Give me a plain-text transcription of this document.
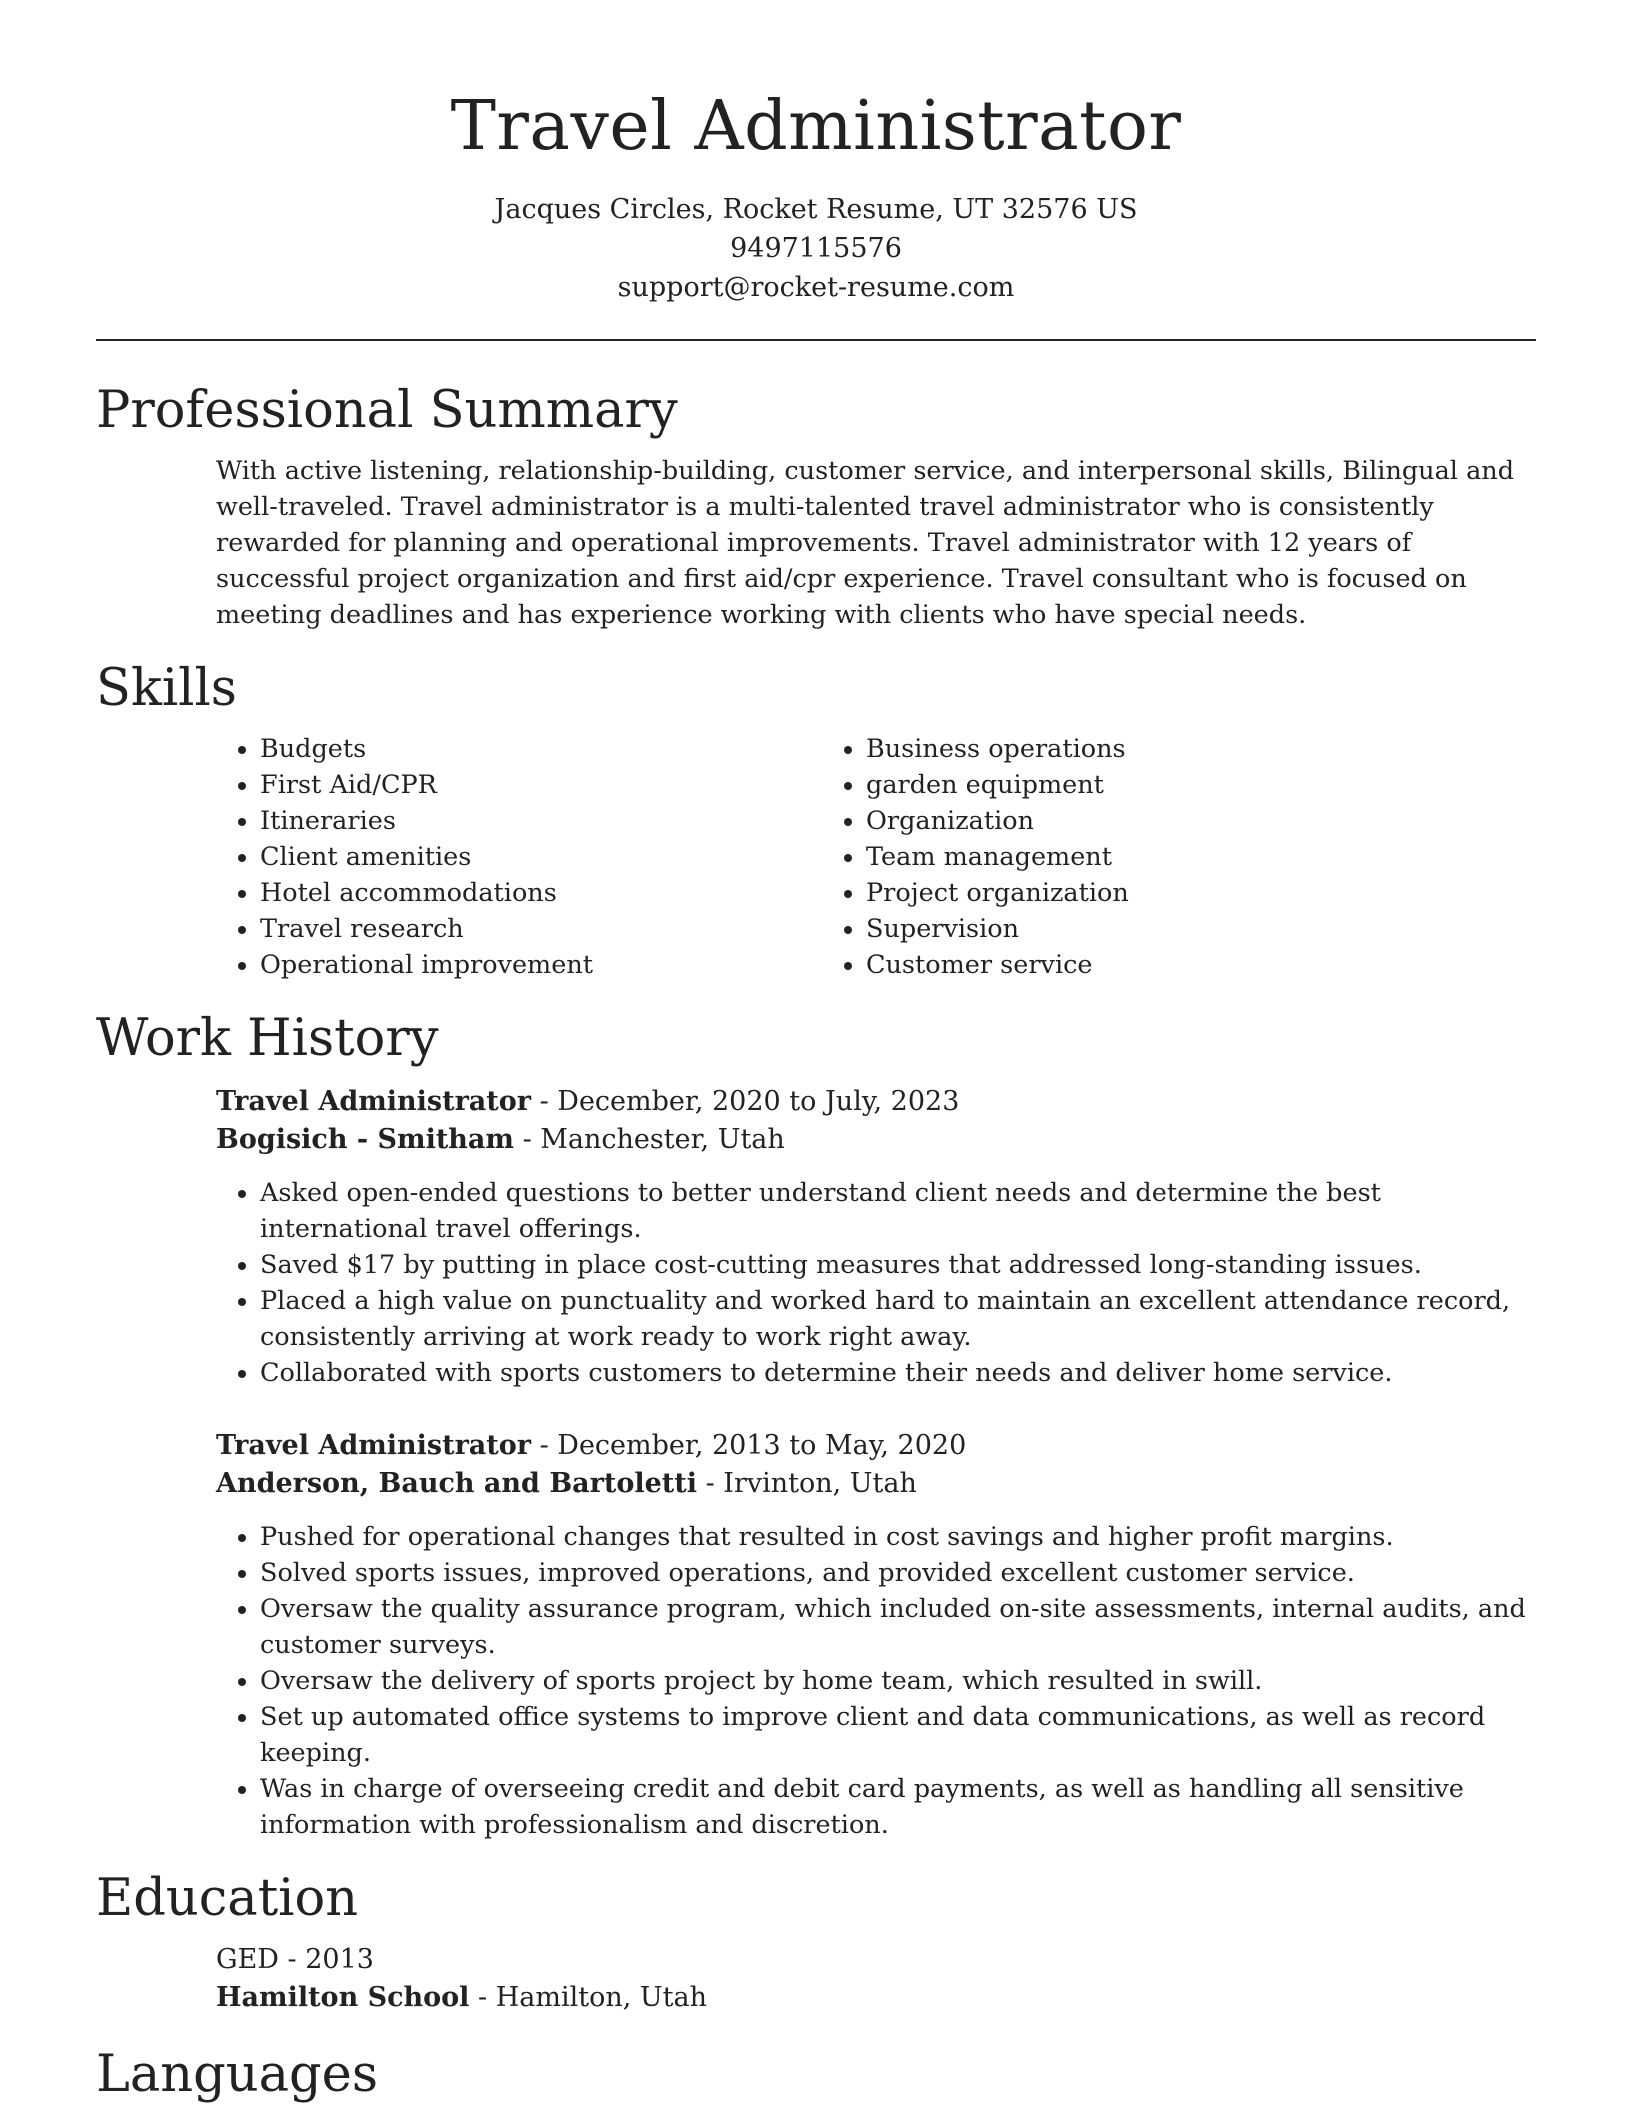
Travel Administrator
Jacques Circles, Rocket Resume, UT 32576 US
9497115576
support@rocket-resume.com
Professional Summary
With active listening, relationship-building, customer service, and interpersonal skills, Bilingual and well-traveled. Travel administrator is a multi-talented travel administrator who is consistently rewarded for planning and operational improvements. Travel administrator with 12 years of successful project organization and first aid/cpr experience. Travel consultant who is focused on meeting deadlines and has experience working with clients who have special needs.
Skills
• Budgets
• First Aid/CPR
• Itineraries
• Client amenities
• Hotel accommodations
• Travel research
• Operational improvement
• Business operations
• garden equipment
• Organization
• Team management
• Project organization
• Supervision
• Customer service
Work History
Travel Administrator - December, 2020 to July, 2023
Bogisich - Smitham - Manchester, Utah
• Asked open-ended questions to better understand client needs and determine the best international travel offerings.
• Saved $17 by putting in place cost-cutting measures that addressed long-standing issues.
• Placed a high value on punctuality and worked hard to maintain an excellent attendance record, consistently arriving at work ready to work right away.
• Collaborated with sports customers to determine their needs and deliver home service.
Travel Administrator - December, 2013 to May, 2020
Anderson, Bauch and Bartoletti - Irvinton, Utah
• Pushed for operational changes that resulted in cost savings and higher profit margins.
• Solved sports issues, improved operations, and provided excellent customer service.
• Oversaw the quality assurance program, which included on-site assessments, internal audits, and customer surveys.
• Oversaw the delivery of sports project by home team, which resulted in swill.
• Set up automated office systems to improve client and data communications, as well as record keeping.
• Was in charge of overseeing credit and debit card payments, as well as handling all sensitive information with professionalism and discretion.
Education
GED - 2013
Hamilton School - Hamilton, Utah
Languages
